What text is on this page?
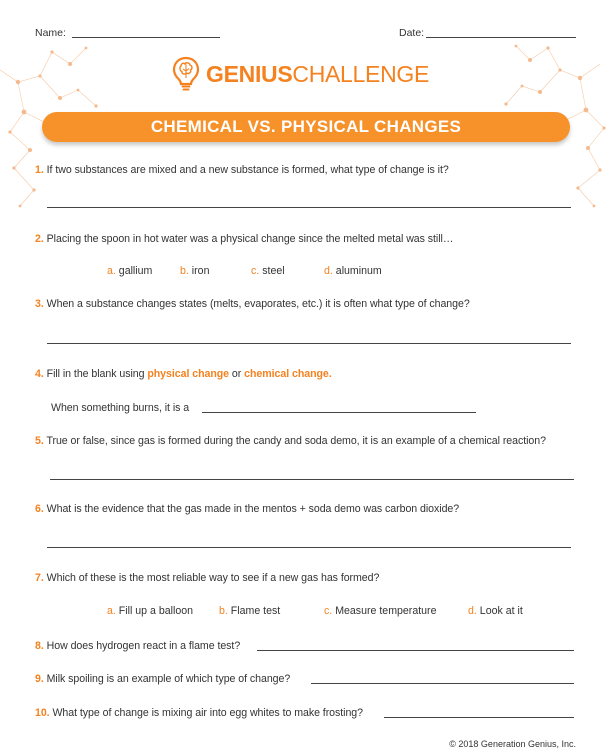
Name:	Date:
GENIUSCHALLENGE
CHEMICAL VS. PHYSICAL CHANGES
1. If two substances are mixed and a new substance is formed, what type of change is it?
2. Placing the spoon in hot water was a physical change since the melted metal was still…
a. gallium	b. iron	c. steel	d. aluminum
3. When a substance changes states (melts, evaporates, etc.) it is often what type of change?
4. Fill in the blank using physical change or chemical change.
When something burns, it is a
5. True or false, since gas is formed during the candy and soda demo, it is an example of a chemical reaction?
6. What is the evidence that the gas made in the mentos + soda demo was carbon dioxide?
7. Which of these is the most reliable way to see if a new gas has formed?
a. Fill up a balloon b. Flame test	c. Measure temperature	d. Look at it
8. How does hydrogen react in a flame test?
9. Milk spoiling is an example of which type of change?
10. What type of change is mixing air into egg whites to make frosting?
© 2018 Generation Genius, Inc.
